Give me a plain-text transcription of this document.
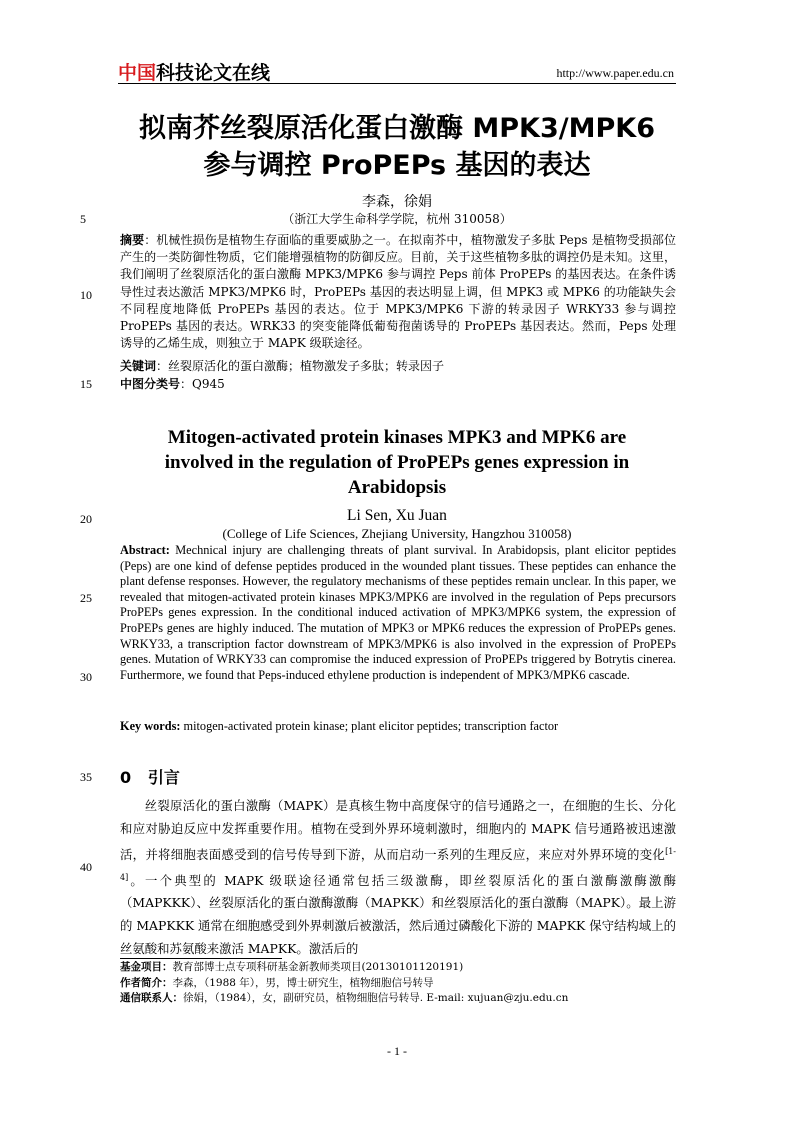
中国科技论文在线	http://www.paper.edu.cn
拟南芥丝裂原活化蛋白激酶 MPK3/MPK6
参与调控 ProPEPs 基因的表达
李森，徐娟
（浙江大学生命科学学院，杭州 310058）
5
10
15
20
25
30
35
40
摘要：机械性损伤是植物生存面临的重要威胁之一。在拟南芥中，植物激发子多肽 Peps 是植物受损部位产生的一类防御性物质，它们能增强植物的防御反应。目前，关于这些植物多肽的调控仍是未知。这里，我们阐明了丝裂原活化的蛋白激酶 MPK3/MPK6 参与调控 Peps 前体 ProPEPs 的基因表达。在条件诱导性过表达激活 MPK3/MPK6 时，ProPEPs 基因的表达明显上调，但 MPK3 或 MPK6 的功能缺失会不同程度地降低 ProPEPs 基因的表达。位于 MPK3/MPK6 下游的转录因子 WRKY33 参与调控 ProPEPs 基因的表达。WRK33 的突变能降低葡萄孢菌诱导的 ProPEPs 基因表达。然而，Peps 处理诱导的乙烯生成，则独立于 MAPK 级联途径。
关键词：丝裂原活化的蛋白激酶；植物激发子多肽；转录因子
中图分类号：Q945
Mitogen-activated protein kinases MPK3 and MPK6 are
involved in the regulation of ProPEPs genes expression in
Arabidopsis
Li Sen, Xu Juan
(College of Life Sciences, Zhejiang University, Hangzhou 310058)
Abstract: Mechnical injury are challenging threats of plant survival. In Arabidopsis, plant elicitor peptides (Peps) are one kind of defense peptides produced in the wounded plant tissues. These peptides can enhance the plant defense responses. However, the regulatory mechanisms of these peptides remain unclear. In this paper, we revealed that mitogen-activated protein kinases MPK3/MPK6 are involved in the regulation of Peps precursors ProPEPs genes expression. In the conditional induced activation of MPK3/MPK6 system, the expression of ProPEPs genes are highly induced. The mutation of MPK3 or MPK6 reduces the expression of ProPEPs genes. WRKY33, a transcription factor downstream of MPK3/MPK6 is also involved in the expression of ProPEPs genes. Mutation of WRKY33 can compromise the induced expression of ProPEPs triggered by Botrytis cinerea. Furthermore, we found that Peps-induced ethylene production is independent of MPK3/MPK6 cascade.
Key words: mitogen-activated protein kinase; plant elicitor peptides; transcription factor
0 引言

丝裂原活化的蛋白激酶（MAPK）是真核生物中高度保守的信号通路之一，在细胞的生长、分化和应对胁迫反应中发挥重要作用。植物在受到外界环境刺激时，细胞内的 MAPK 信号通路被迅速激活，并将细胞表面感受到的信号传导到下游，从而启动一系列的生理反应，来应对外界环境的变化[1-4]。一个典型的 MAPK 级联途径通常包括三级激酶，即丝裂原活化的蛋白激酶激酶激酶（MAPKKK）、丝裂原活化的蛋白激酶激酶（MAPKK）和丝裂原活化的蛋白激酶（MAPK）。最上游的 MAPKKK 通常在细胞感受到外界刺激后被激活，然后通过磷酸化下游的 MAPKK 保守结构域上的丝氨酸和苏氨酸来激活 MAPKK。激活后的

基金项目：教育部博士点专项科研基金新教师类项目(20130101120191)
作者简介：李森，（1988 年），男，博士研究生，植物细胞信号转导
通信联系人：徐娟，（1984），女，副研究员，植物细胞信号转导. E-mail: xujuan@zju.edu.cn
- 1 -
